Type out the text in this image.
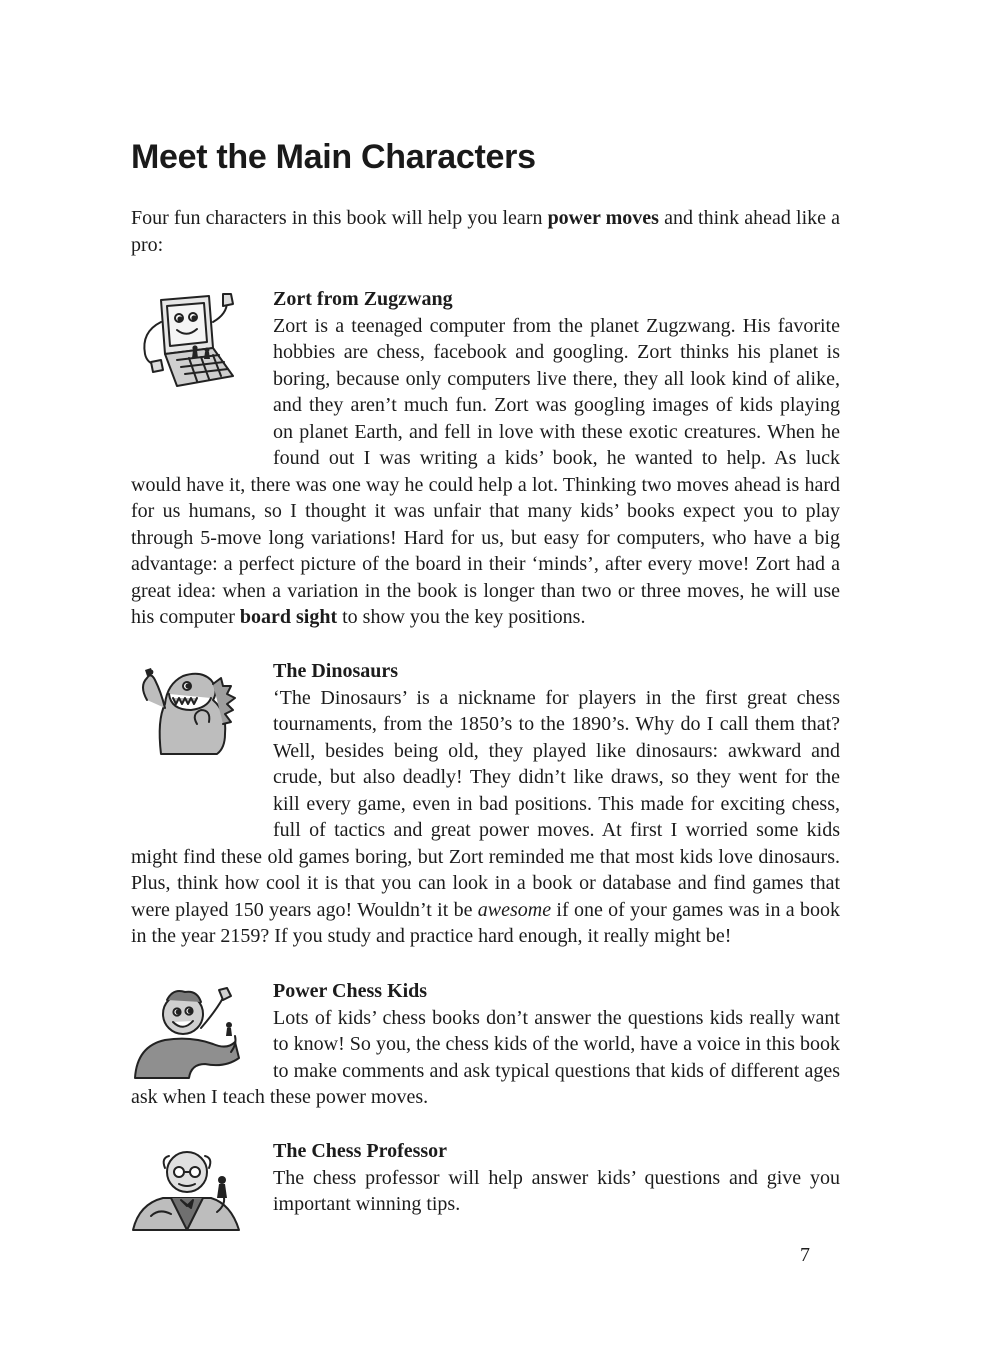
Meet the Main Characters

Four fun characters in this book will help you learn power moves and think ahead like a pro:

Zort from Zugzwang

Zort is a teenaged computer from the planet Zugzwang. His favorite hobbies are chess, facebook and googling. Zort thinks his planet is boring, because only computers live there, they all look kind of alike, and they aren’t much fun. Zort was googling images of kids playing on planet Earth, and fell in love with these exotic creatures. When he found out I was writing a kids’ book, he wanted to help. As luck would have it, there was one way he could help a lot. Thinking two moves ahead is hard for us humans, so I thought it was unfair that many kids’ books expect you to play through 5-move long variations! Hard for us, but easy for computers, who have a big advantage: a perfect picture of the board in their ‘minds’, after every move! Zort had a great idea: when a variation in the book is longer than two or three moves, he will use his computer board sight to show you the key positions.

The Dinosaurs

‘The Dinosaurs’ is a nickname for players in the first great chess tournaments, from the 1850’s to the 1890’s. Why do I call them that? Well, besides being old, they played like dinosaurs: awkward and crude, but also deadly! They didn’t like draws, so they went for the kill every game, even in bad positions. This made for exciting chess, full of tactics and great power moves. At first I worried some kids might find these old games boring, but Zort reminded me that most kids love dinosaurs. Plus, think how cool it is that you can look in a book or database and find games that were played 150 years ago! Wouldn’t it be awesome if one of your games was in a book in the year 2159? If you study and practice hard enough, it really might be!

Power Chess Kids

Lots of kids’ chess books don’t answer the questions kids really want to know! So you, the chess kids of the world, have a voice in this book to make comments and ask typical questions that kids of different ages ask when I teach these power moves.

The Chess Professor

The chess professor will help answer kids’ questions and give you important winning tips.

7
